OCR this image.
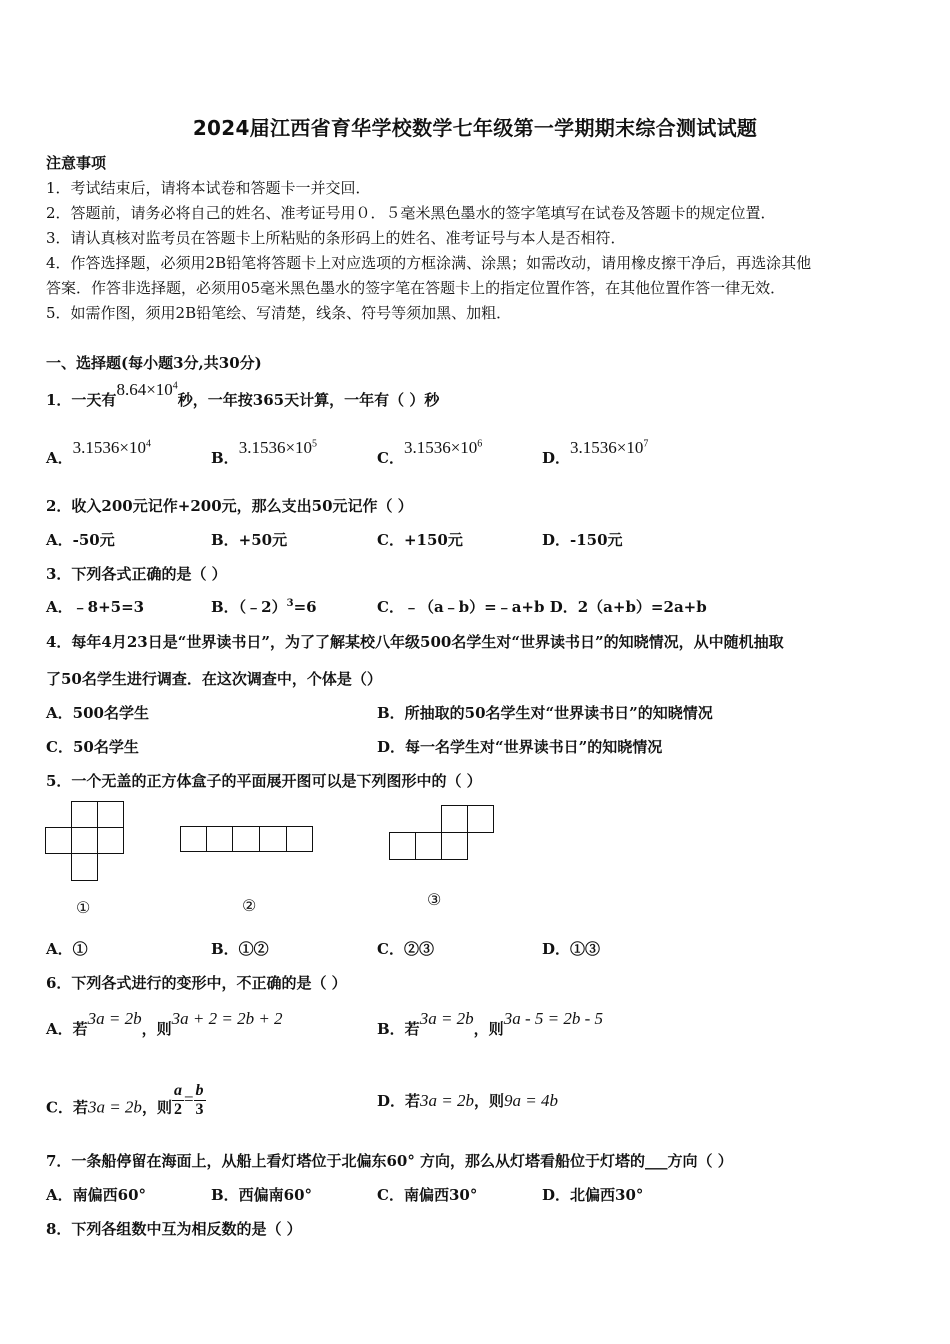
2024届江西省育华学校数学七年级第一学期期末综合测试试题
注意事项
1．考试结束后，请将本试卷和答题卡一并交回．
2．答题前，请务必将自己的姓名、准考证号用０．５毫米黑色墨水的签字笔填写在试卷及答题卡的规定位置．
3．请认真核对监考员在答题卡上所粘贴的条形码上的姓名、准考证号与本人是否相符．
4．作答选择题，必须用2B铅笔将答题卡上对应选项的方框涂满、涂黑；如需改动，请用橡皮擦干净后，再选涂其他
答案．作答非选择题，必须用05毫米黑色墨水的签字笔在答题卡上的指定位置作答，在其他位置作答一律无效．
5．如需作图，须用2B铅笔绘、写清楚，线条、符号等须加黑、加粗．
一、选择题(每小题3分,共30分)
1．一天有$8.64\times 10^4$秒，一年按365天计算，一年有（ ）秒
A．$3.1536\times 10^4$
B．$3.1536\times 10^5$
C．$3.1536\times 10^6$
D．$3.1536\times 10^7$
2．收入200元记作+200元，那么支出50元记作（ ）
A．-50元	B．+50元	C．+150元	D．-150元
3．下列各式正确的是（ ）
A．﹣8+5=3	B．（﹣2）$^3$=6	C．﹣（a﹣b）=﹣a+b D．2（a+b）=2a+b
4．每年4月23日是“世界读书日”，为了了解某校八年级500名学生对“世界读书日”的知晓情况，从中随机抽取
了50名学生进行调查．在这次调查中，个体是（）
A．500名学生	B．所抽取的50名学生对“世界读书日”的知晓情况
C．50名学生	D．每一名学生对“世界读书日”的知晓情况
5．一个无盖的正方体盒子的平面展开图可以是下列图形中的（ ）
①	②	③
A．①	B．①②	C．②③	D．①③
6．下列各式进行的变形中，不正确的是（ ）
A．若3a = 2b，则3a + 2 = 2b + 2
B．若3a = 2b，则3a - 5 = 2b - 5
C．若3a = 2b，则 $\frac{a}{2} = \frac{b}{3}$	D．若3a = 2b，则9a = 4b
7．一条船停留在海面上，从船上看灯塔位于北偏东60° 方向，那么从灯塔看船位于灯塔的___方向（ ）
A．南偏西60°	B．西偏南60°	C．南偏西30°	D．北偏西30°
8．下列各组数中互为相反数的是（ ）
